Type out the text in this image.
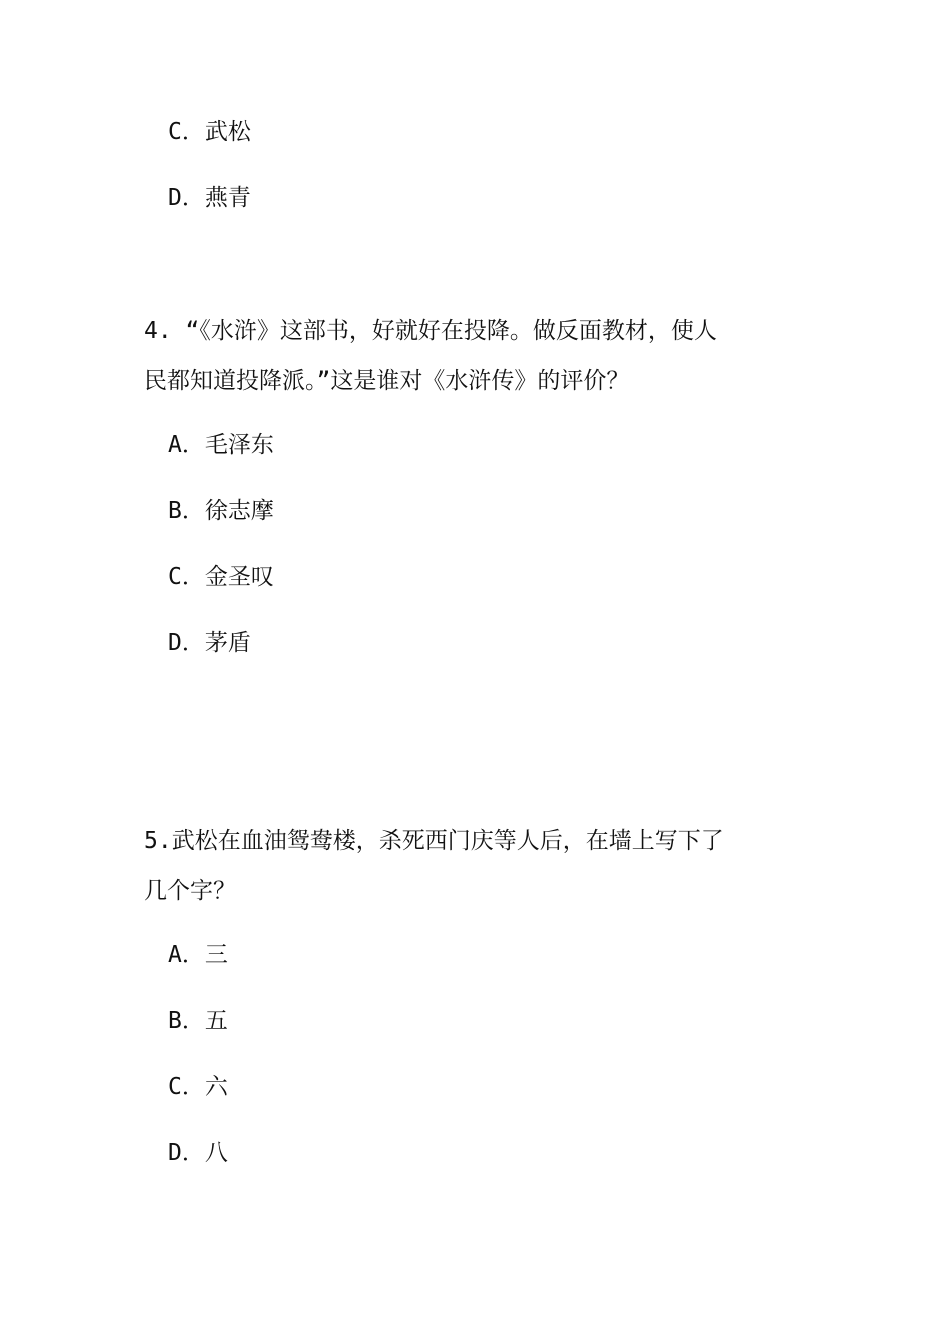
C．武松
D．燕青
4. “《水浒》这部书，好就好在投降。做反面教材，使人
民都知道投降派。”这是谁对《水浒传》的评价？
A．毛泽东
B．徐志摩
C．金圣叹
D．茅盾
5.武松在血油鸳鸯楼，杀死西门庆等人后，在墙上写下了
几个字？
A．三
B．五
C．六
D．八
